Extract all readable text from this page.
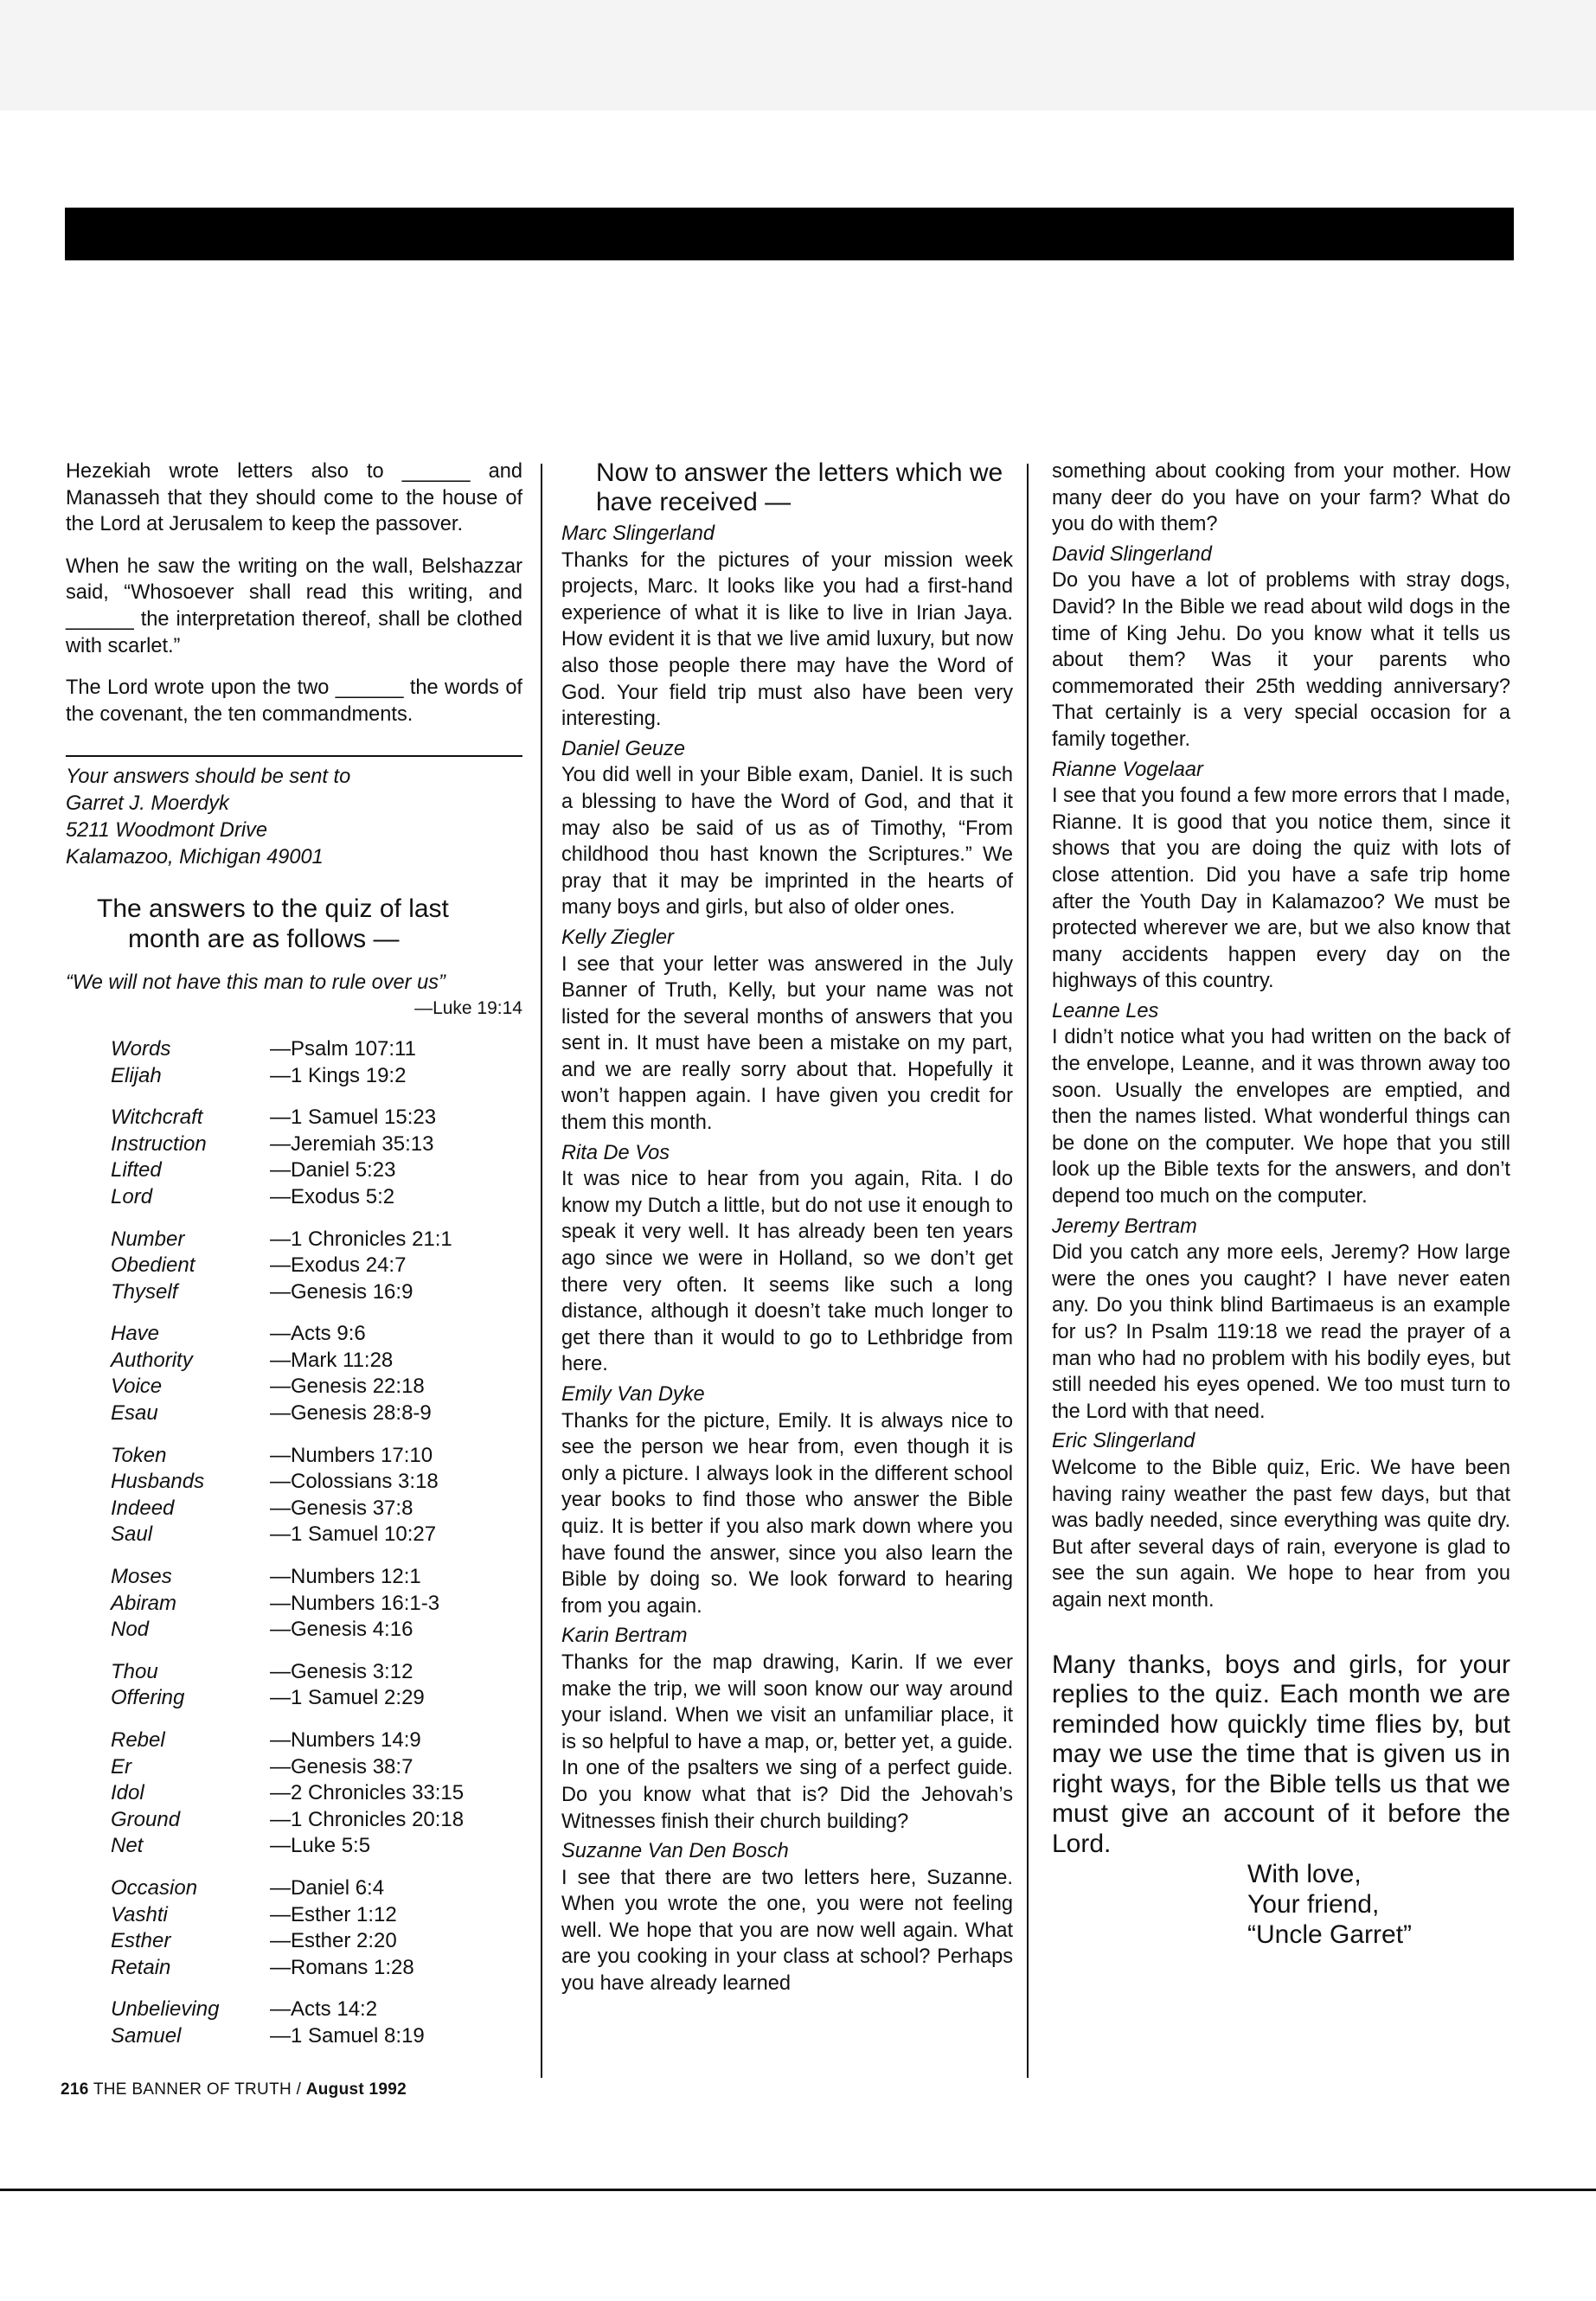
Hezekiah wrote letters also to ______ and Manasseh that they should come to the house of the Lord at Jerusalem to keep the passover.

When he saw the writing on the wall, Belshazzar said, “Whosoever shall read this writing, and ______ the interpretation thereof, shall be clothed with scarlet.”

The Lord wrote upon the two ______ the words of the covenant, the ten commandments.

Your answers should be sent to
Garret J. Moerdyk
5211 Woodmont Drive
Kalamazoo, Michigan 49001
The answers to the quiz of last month are as follows —
“We will not have this man to rule over us”
—Luke 19:14
Words	—Psalm 107:11
Elijah	—1 Kings 19:2
Witchcraft	—1 Samuel 15:23
Instruction	—Jeremiah 35:13
Lifted	—Daniel 5:23
Lord	—Exodus 5:2
Number	—1 Chronicles 21:1
Obedient	—Exodus 24:7
Thyself	—Genesis 16:9
Have	—Acts 9:6
Authority	—Mark 11:28
Voice	—Genesis 22:18
Esau	—Genesis 28:8-9
Token	—Numbers 17:10
Husbands	—Colossians 3:18
Indeed	—Genesis 37:8
Saul	—1 Samuel 10:27
Moses	—Numbers 12:1
Abiram	—Numbers 16:1-3
Nod	—Genesis 4:16
Thou	—Genesis 3:12
Offering	—1 Samuel 2:29
Rebel	—Numbers 14:9
Er	—Genesis 38:7
Idol	—2 Chronicles 33:15
Ground	—1 Chronicles 20:18
Net	—Luke 5:5
Occasion	—Daniel 6:4
Vashti	—Esther 1:12
Esther	—Esther 2:20
Retain	—Romans 1:28
Unbelieving	—Acts 14:2
Samuel	—1 Samuel 8:19
Now to answer the letters which we have received —
Marc Slingerland

Thanks for the pictures of your mission week projects, Marc. It looks like you had a first-hand experience of what it is like to live in Irian Jaya. How evident it is that we live amid luxury, but now also those people there may have the Word of God. Your field trip must also have been very interesting.

Daniel Geuze

You did well in your Bible exam, Daniel. It is such a blessing to have the Word of God, and that it may also be said of us as of Timothy, “From childhood thou hast known the Scriptures.” We pray that it may be imprinted in the hearts of many boys and girls, but also of older ones.

Kelly Ziegler

I see that your letter was answered in the July Banner of Truth, Kelly, but your name was not listed for the several months of answers that you sent in. It must have been a mistake on my part, and we are really sorry about that. Hopefully it won’t happen again. I have given you credit for them this month.

Rita De Vos

It was nice to hear from you again, Rita. I do know my Dutch a little, but do not use it enough to speak it very well. It has already been ten years ago since we were in Holland, so we don’t get there very often. It seems like such a long distance, although it doesn’t take much longer to get there than it would to go to Lethbridge from here.

Emily Van Dyke

Thanks for the picture, Emily. It is always nice to see the person we hear from, even though it is only a picture. I always look in the different school year books to find those who answer the Bible quiz. It is better if you also mark down where you have found the answer, since you also learn the Bible by doing so. We look forward to hearing from you again.

Karin Bertram

Thanks for the map drawing, Karin. If we ever make the trip, we will soon know our way around your island. When we visit an unfamiliar place, it is so helpful to have a map, or, better yet, a guide. In one of the psalters we sing of a perfect guide. Do you know what that is? Did the Jehovah’s Witnesses finish their church building?

Suzanne Van Den Bosch

I see that there are two letters here, Suzanne. When you wrote the one, you were not feeling well. We hope that you are now well again. What are you cooking in your class at school? Perhaps you have already learned

something about cooking from your mother. How many deer do you have on your farm? What do you do with them?

David Slingerland

Do you have a lot of problems with stray dogs, David? In the Bible we read about wild dogs in the time of King Jehu. Do you know what it tells us about them? Was it your parents who commemorated their 25th wedding anniversary? That certainly is a very special occasion for a family together.

Rianne Vogelaar

I see that you found a few more errors that I made, Rianne. It is good that you notice them, since it shows that you are doing the quiz with lots of close attention. Did you have a safe trip home after the Youth Day in Kalamazoo? We must be protected wherever we are, but we also know that many accidents happen every day on the highways of this country.

Leanne Les

I didn’t notice what you had written on the back of the envelope, Leanne, and it was thrown away too soon. Usually the envelopes are emptied, and then the names listed. What wonderful things can be done on the computer. We hope that you still look up the Bible texts for the answers, and don’t depend too much on the computer.

Jeremy Bertram

Did you catch any more eels, Jeremy? How large were the ones you caught? I have never eaten any. Do you think blind Bartimaeus is an example for us? In Psalm 119:18 we read the prayer of a man who had no problem with his bodily eyes, but still needed his eyes opened. We too must turn to the Lord with that need.

Eric Slingerland

Welcome to the Bible quiz, Eric. We have been having rainy weather the past few days, but that was badly needed, since everything was quite dry. But after several days of rain, everyone is glad to see the sun again. We hope to hear from you again next month.

Many thanks, boys and girls, for your replies to the quiz. Each month we are reminded how quickly time flies by, but may we use the time that is given us in right ways, for the Bible tells us that we must give an account of it before the Lord.
With love,
Your friend,
“Uncle Garret”
216 THE BANNER OF TRUTH / August 1992
